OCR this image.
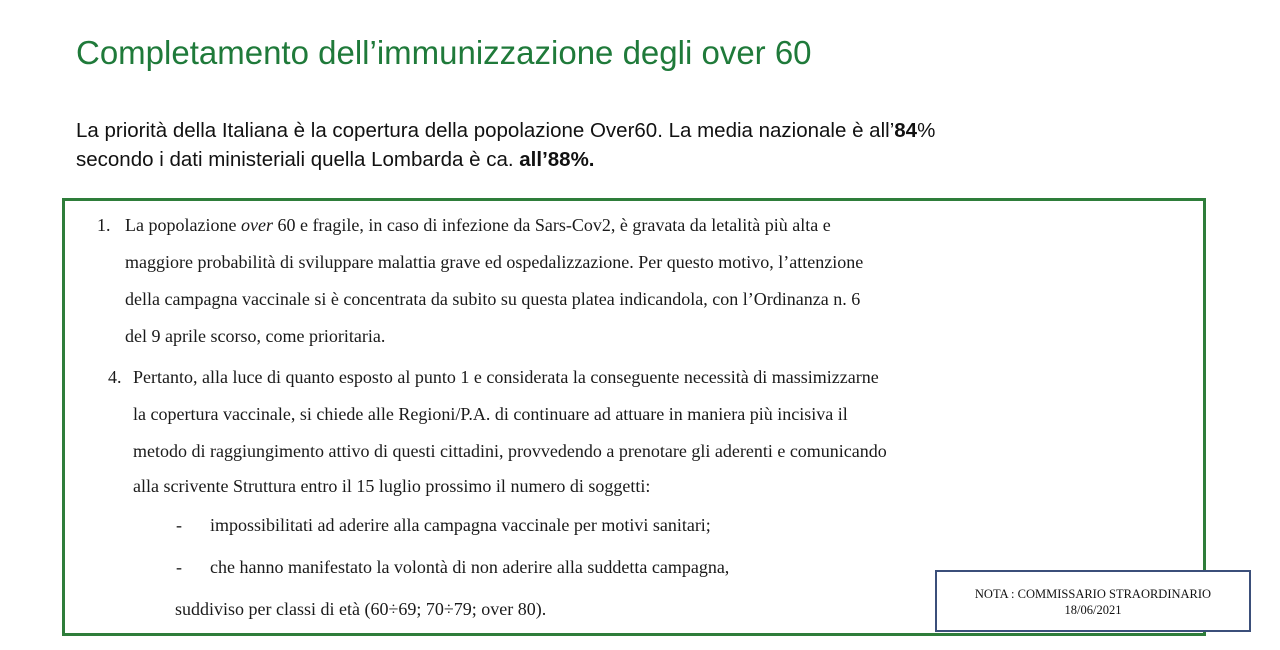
Completamento dell’immunizzazione degli over 60
La priorità della Italiana è la copertura della popolazione Over60. La media nazionale è all’84%
secondo i dati ministeriali quella Lombarda è ca. all’88%.
1. La popolazione over 60 e fragile, in caso di infezione da Sars-Cov2, è gravata da letalità più alta e
maggiore probabilità di sviluppare malattia grave ed ospedalizzazione. Per questo motivo, l’attenzione
della campagna vaccinale si è concentrata da subito su questa platea indicandola, con l’Ordinanza n. 6
del 9 aprile scorso, come prioritaria.
4. Pertanto, alla luce di quanto esposto al punto 1 e considerata la conseguente necessità di massimizzarne
la copertura vaccinale, si chiede alle Regioni/P.A. di continuare ad attuare in maniera più incisiva il
metodo di raggiungimento attivo di questi cittadini, provvedendo a prenotare gli aderenti e comunicando
alla scrivente Struttura entro il 15 luglio prossimo il numero di soggetti:
- impossibilitati ad aderire alla campagna vaccinale per motivi sanitari;
- che hanno manifestato la volontà di non aderire alla suddetta campagna,
suddiviso per classi di età (60÷69; 70÷79; over 80).
NOTA : COMMISSARIO STRAORDINARIO
18/06/2021
